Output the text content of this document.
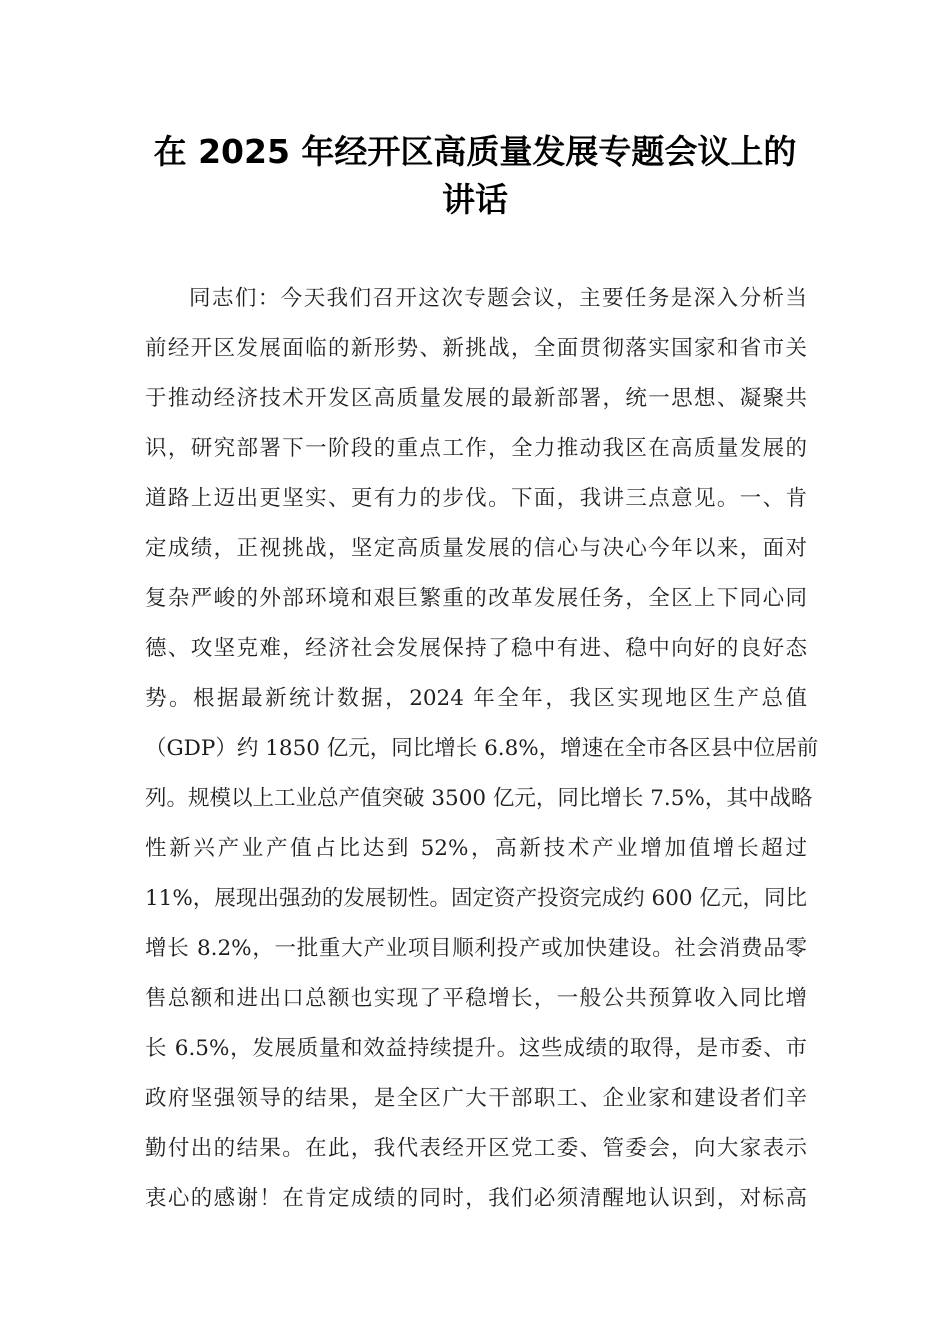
在 2025 年经开区高质量发展专题会议上的
讲话
同志们：今天我们召开这次专题会议，主要任务是深入分析当
前经开区发展面临的新形势、新挑战，全面贯彻落实国家和省市关
于推动经济技术开发区高质量发展的最新部署，统一思想、凝聚共
识，研究部署下一阶段的重点工作，全力推动我区在高质量发展的
道路上迈出更坚实、更有力的步伐。下面，我讲三点意见。一、肯
定成绩，正视挑战，坚定高质量发展的信心与决心今年以来，面对
复杂严峻的外部环境和艰巨繁重的改革发展任务，全区上下同心同
德、攻坚克难，经济社会发展保持了稳中有进、稳中向好的良好态
势。根据最新统计数据，2024 年全年，我区实现地区生产总值
（GDP）约 1850 亿元，同比增长 6.8%，增速在全市各区县中位居前
列。规模以上工业总产值突破 3500 亿元，同比增长 7.5%，其中战略
性新兴产业产值占比达到 52%，高新技术产业增加值增长超过
11%，展现出强劲的发展韧性。固定资产投资完成约 600 亿元，同比
增长 8.2%，一批重大产业项目顺利投产或加快建设。社会消费品零
售总额和进出口总额也实现了平稳增长，一般公共预算收入同比增
长 6.5%，发展质量和效益持续提升。这些成绩的取得，是市委、市
政府坚强领导的结果，是全区广大干部职工、企业家和建设者们辛
勤付出的结果。在此，我代表经开区党工委、管委会，向大家表示
衷心的感谢！在肯定成绩的同时，我们必须清醒地认识到，对标高
